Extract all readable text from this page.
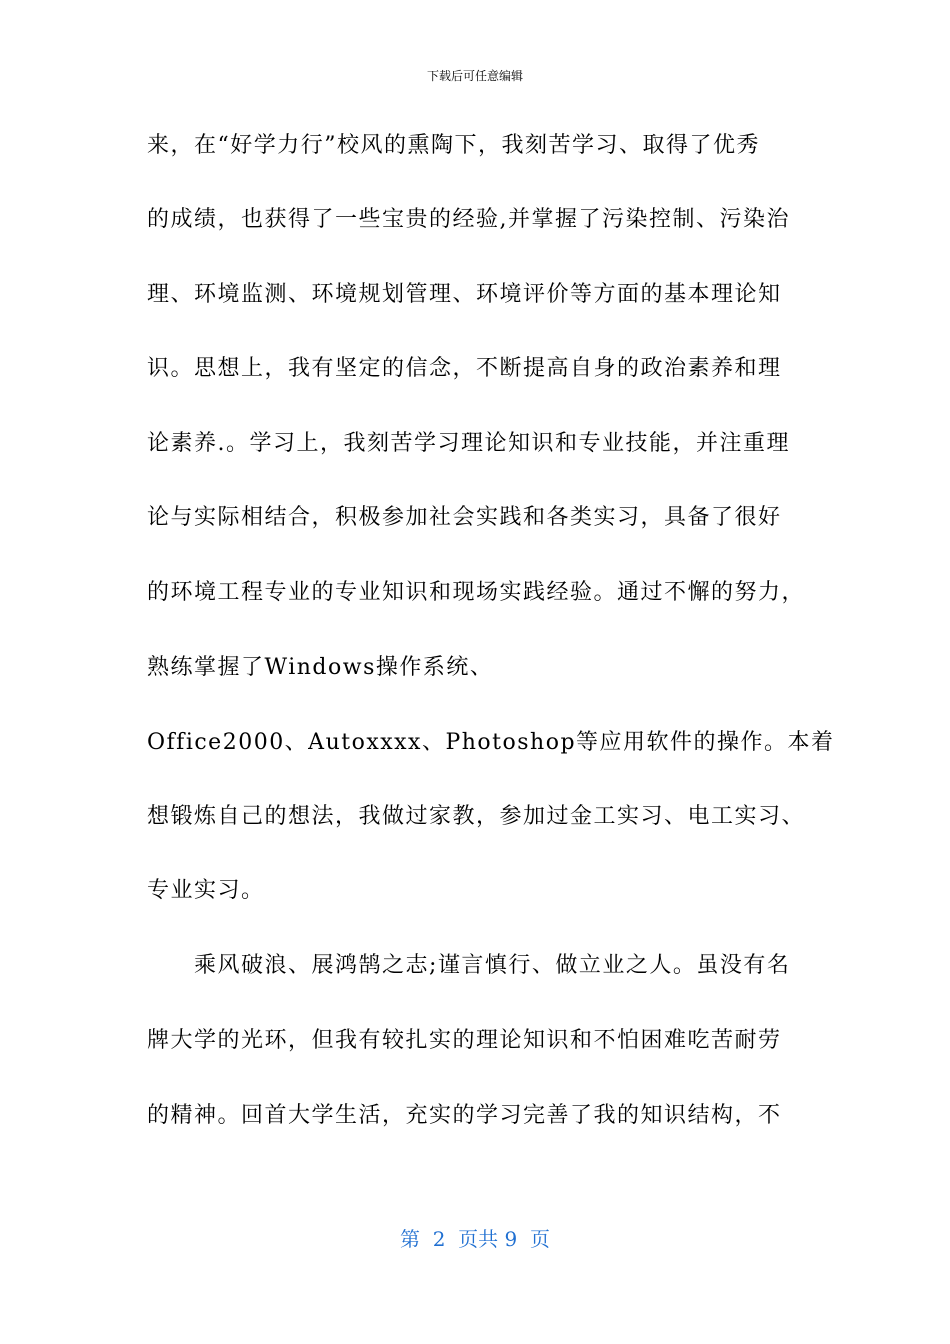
下载后可任意编辑
来，在“好学力行”校风的熏陶下，我刻苦学习、取得了优秀
的成绩，也获得了一些宝贵的经验,并掌握了污染控制、污染治
理、环境监测、环境规划管理、环境评价等方面的基本理论知
识。思想上，我有坚定的信念，不断提高自身的政治素养和理
论素养.。学习上，我刻苦学习理论知识和专业技能，并注重理
论与实际相结合，积极参加社会实践和各类实习，具备了很好
的环境工程专业的专业知识和现场实践经验。通过不懈的努力，
熟练掌握了Windows操作系统、
Office2000、Autoxxxx、Photoshop等应用软件的操作。本着
想锻炼自己的想法，我做过家教，参加过金工实习、电工实习、
专业实习。
乘风破浪、展鸿鹄之志;谨言慎行、做立业之人。虽没有名
牌大学的光环，但我有较扎实的理论知识和不怕困难吃苦耐劳
的精神。回首大学生活，充实的学习完善了我的知识结构，不
第  2  页共 9  页
